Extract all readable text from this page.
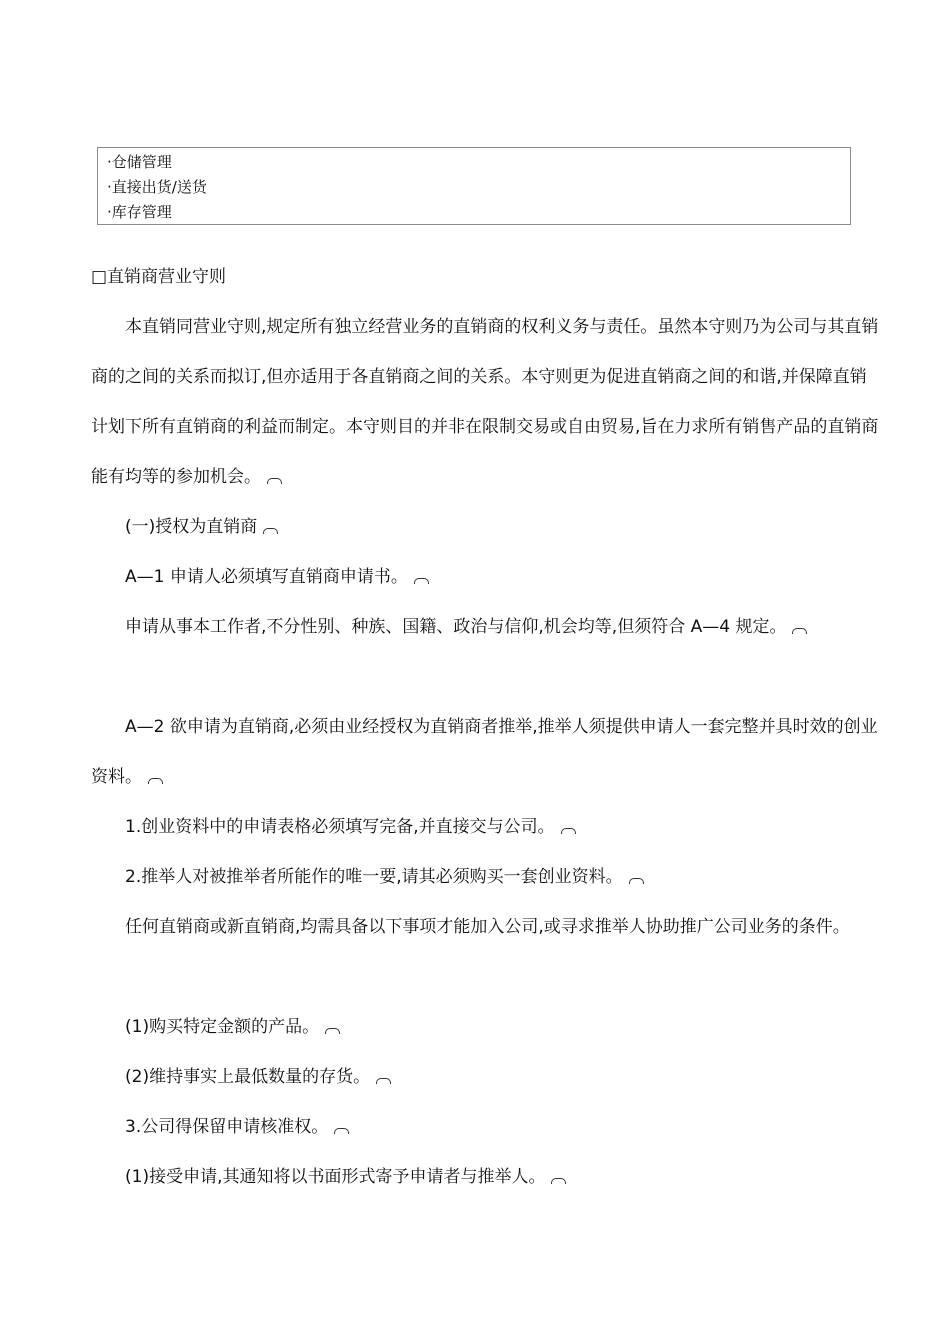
·仓储管理
·直接出货/送货
·库存管理
□直销商营业守则
本直销同营业守则,规定所有独立经营业务的直销商的权利义务与责任。虽然本守则乃为公司与其直销商的之间的关系而拟订,但亦适用于各直销商之间的关系。本守则更为促进直销商之间的和谐,并保障直销计划下所有直销商的利益而制定。本守则目的并非在限制交易或自由贸易,旨在力求所有销售产品的直销商能有均等的参加机会。
(一)授权为直销商
A—1 申请人必须填写直销商申请书。
申请从事本工作者,不分性别、种族、国籍、政治与信仰,机会均等,但须符合 A—4 规定。
A—2 欲申请为直销商,必须由业经授权为直销商者推举,推举人须提供申请人一套完整并具时效的创业资料。
1.创业资料中的申请表格必须填写完备,并直接交与公司。
2.推举人对被推举者所能作的唯一要,请其必须购买一套创业资料。
任何直销商或新直销商,均需具备以下事项才能加入公司,或寻求推举人协助推广公司业务的条件。
(1)购买特定金额的产品。
(2)维持事实上最低数量的存货。
3.公司得保留申请核准权。
(1)接受申请,其通知将以书面形式寄予申请者与推举人。
